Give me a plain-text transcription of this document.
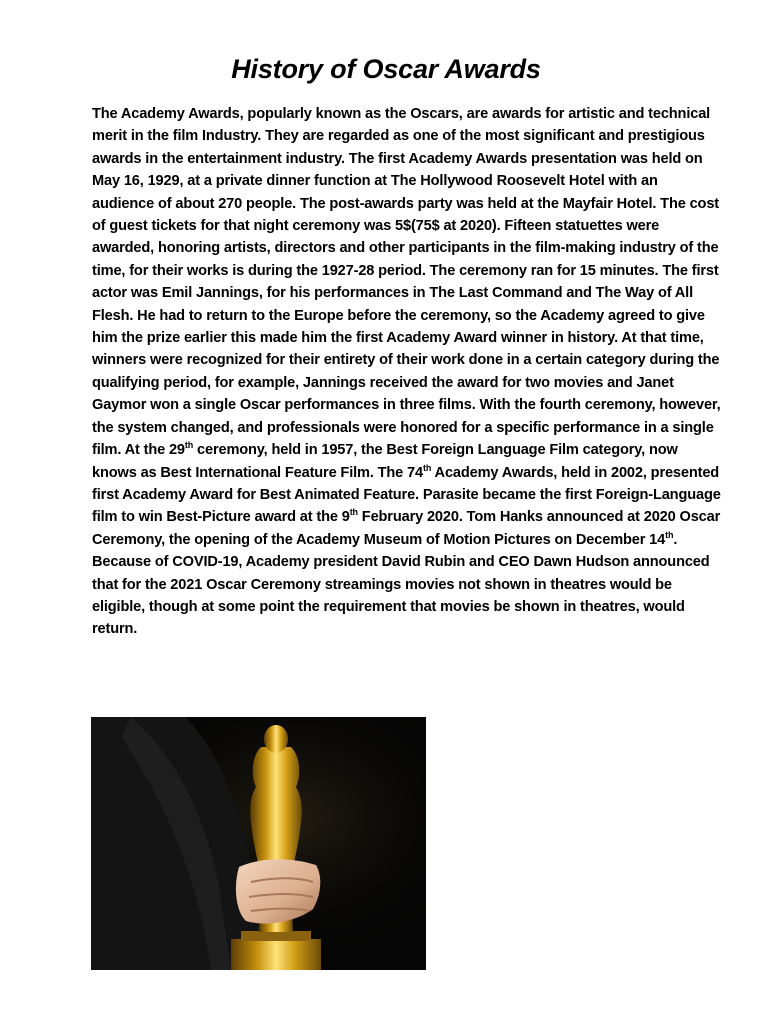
History of Oscar Awards

The Academy Awards, popularly known as the Oscars, are awards for artistic and technical merit in the film Industry. They are regarded as one of the most significant and prestigious awards in the entertainment industry. The first Academy Awards presentation was held on May 16, 1929, at a private dinner function at The Hollywood Roosevelt Hotel with an audience of about 270 people. The post-awards party was held at the Mayfair Hotel. The cost of guest tickets for that night ceremony was 5$(75$ at 2020). Fifteen statuettes were awarded, honoring artists, directors and other participants in the film-making industry of the time, for their works is during the 1927-28 period. The ceremony ran for 15 minutes. The first actor was Emil Jannings, for his performances in The Last Command and The Way of All Flesh. He had to return to the Europe before the ceremony, so the Academy agreed to give him the prize earlier this made him the first Academy Award winner in history. At that time, winners were recognized for their entirety of their work done in a certain category during the qualifying period, for example, Jannings received the award for two movies and Janet Gaymor won a single Oscar performances in three films. With the fourth ceremony, however, the system changed, and professionals were honored for a specific performance in a single film. At the 29th ceremony, held in 1957, the Best Foreign Language Film category, now knows as Best International Feature Film. The 74th Academy Awards, held in 2002, presented first Academy Award for Best Animated Feature. Parasite became the first Foreign-Language film to win Best-Picture award at the 9th February 2020. Tom Hanks announced at 2020 Oscar Ceremony, the opening of the Academy Museum of Motion Pictures on December 14th. Because of COVID-19, Academy president David Rubin and CEO Dawn Hudson announced that for the 2021 Oscar Ceremony streamings movies not shown in theatres would be eligible, though at some point the requirement that movies be shown in theatres, would return.
